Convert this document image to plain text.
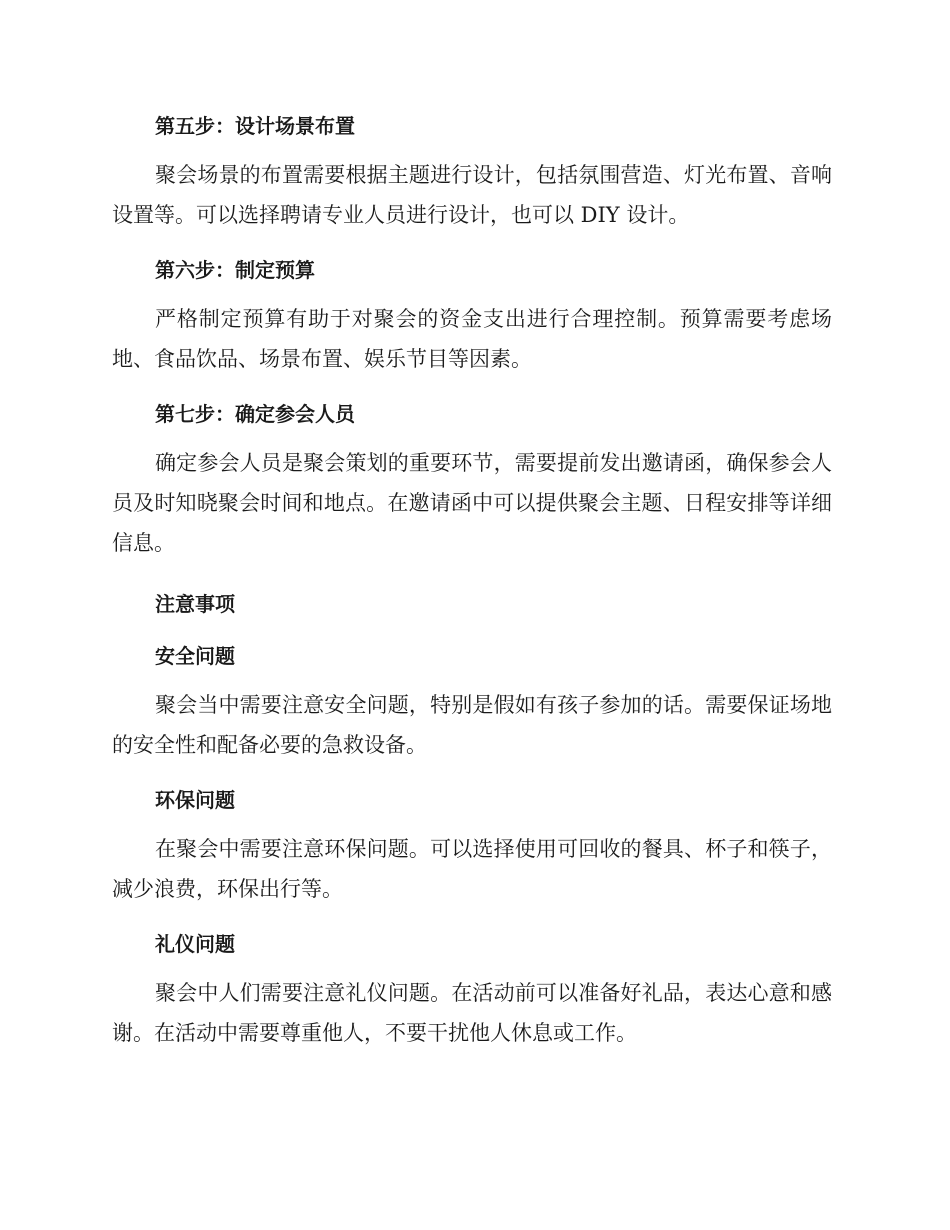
第五步：设计场景布置

聚会场景的布置需要根据主题进行设计，包括氛围营造、灯光布置、音响设置等。可以选择聘请专业人员进行设计，也可以 DIY 设计。

第六步：制定预算

严格制定预算有助于对聚会的资金支出进行合理控制。预算需要考虑场地、食品饮品、场景布置、娱乐节目等因素。

第七步：确定参会人员

确定参会人员是聚会策划的重要环节，需要提前发出邀请函，确保参会人员及时知晓聚会时间和地点。在邀请函中可以提供聚会主题、日程安排等详细信息。

注意事项
安全问题

聚会当中需要注意安全问题，特别是假如有孩子参加的话。需要保证场地的安全性和配备必要的急救设备。

环保问题

在聚会中需要注意环保问题。可以选择使用可回收的餐具、杯子和筷子，减少浪费，环保出行等。

礼仪问题

聚会中人们需要注意礼仪问题。在活动前可以准备好礼品，表达心意和感谢。在活动中需要尊重他人，不要干扰他人休息或工作。
